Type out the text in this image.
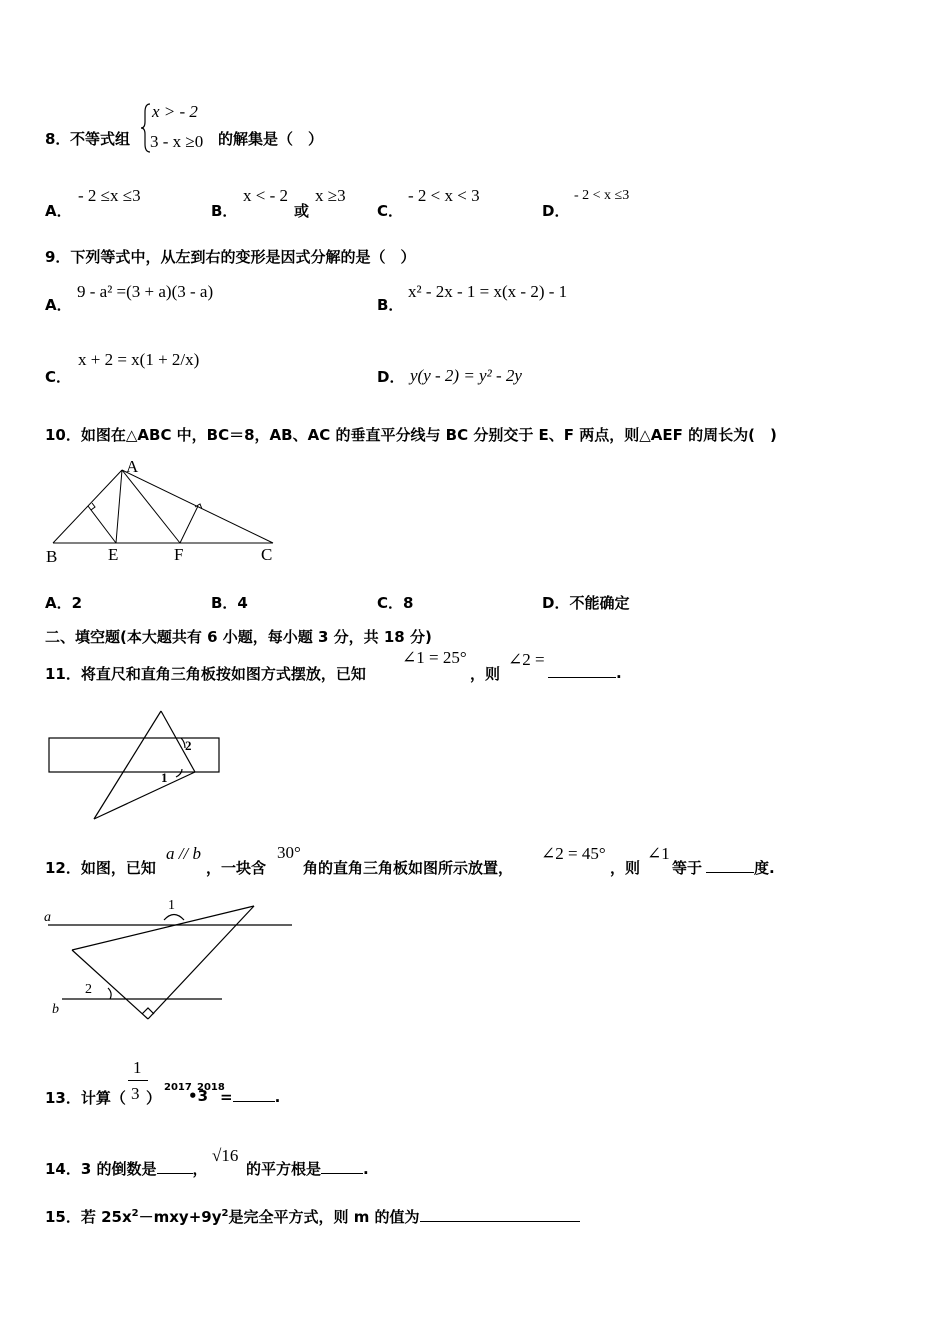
8． 不等式组
x > - 2
3 - x ≥0 的解集是（　）
A．
- 2 ≤x ≤3
B．
x < - 2
或
x ≥3
C．
- 2 < x < 3
D．
- 2 < x ≤3
9．下列等式中，从左到右的变形是因式分解的是（　）
A．
9 - a² =(3 + a)(3 - a)
B．
x² - 2x - 1 = x(x - 2) - 1
C．
x + 2 = x(1 + 2/x)
D． y(y - 2) = y² - 2y
10．如图在△ABC 中，BC＝8，AB、AC 的垂直平分线与 BC 分别交于 E、F 两点，则△AEF 的周长为(　)
A
B	E	F	C
A．2	B．4	C．8	D．不能确定
二、填空题(本大题共有 6 小题，每小题 3 分，共 18 分)
11．将直尺和直角三角板按如图方式摆放，已知
∠1 = 25°
，则
∠2 =
.
2
1
12．如图，已知
a // b
，一块含
30°
角的直角三角板如图所示放置，
∠2 = 45°
，则
∠1
等于	度.
a
b
1
2
13．计算（
1
3 ）
2017
•3
2018
=	.
14．3 的倒数是 ，
√16
的平方根是	.
15．若 $25x^2-mxy+9y^2$是完全平方式，则 m 的值为
